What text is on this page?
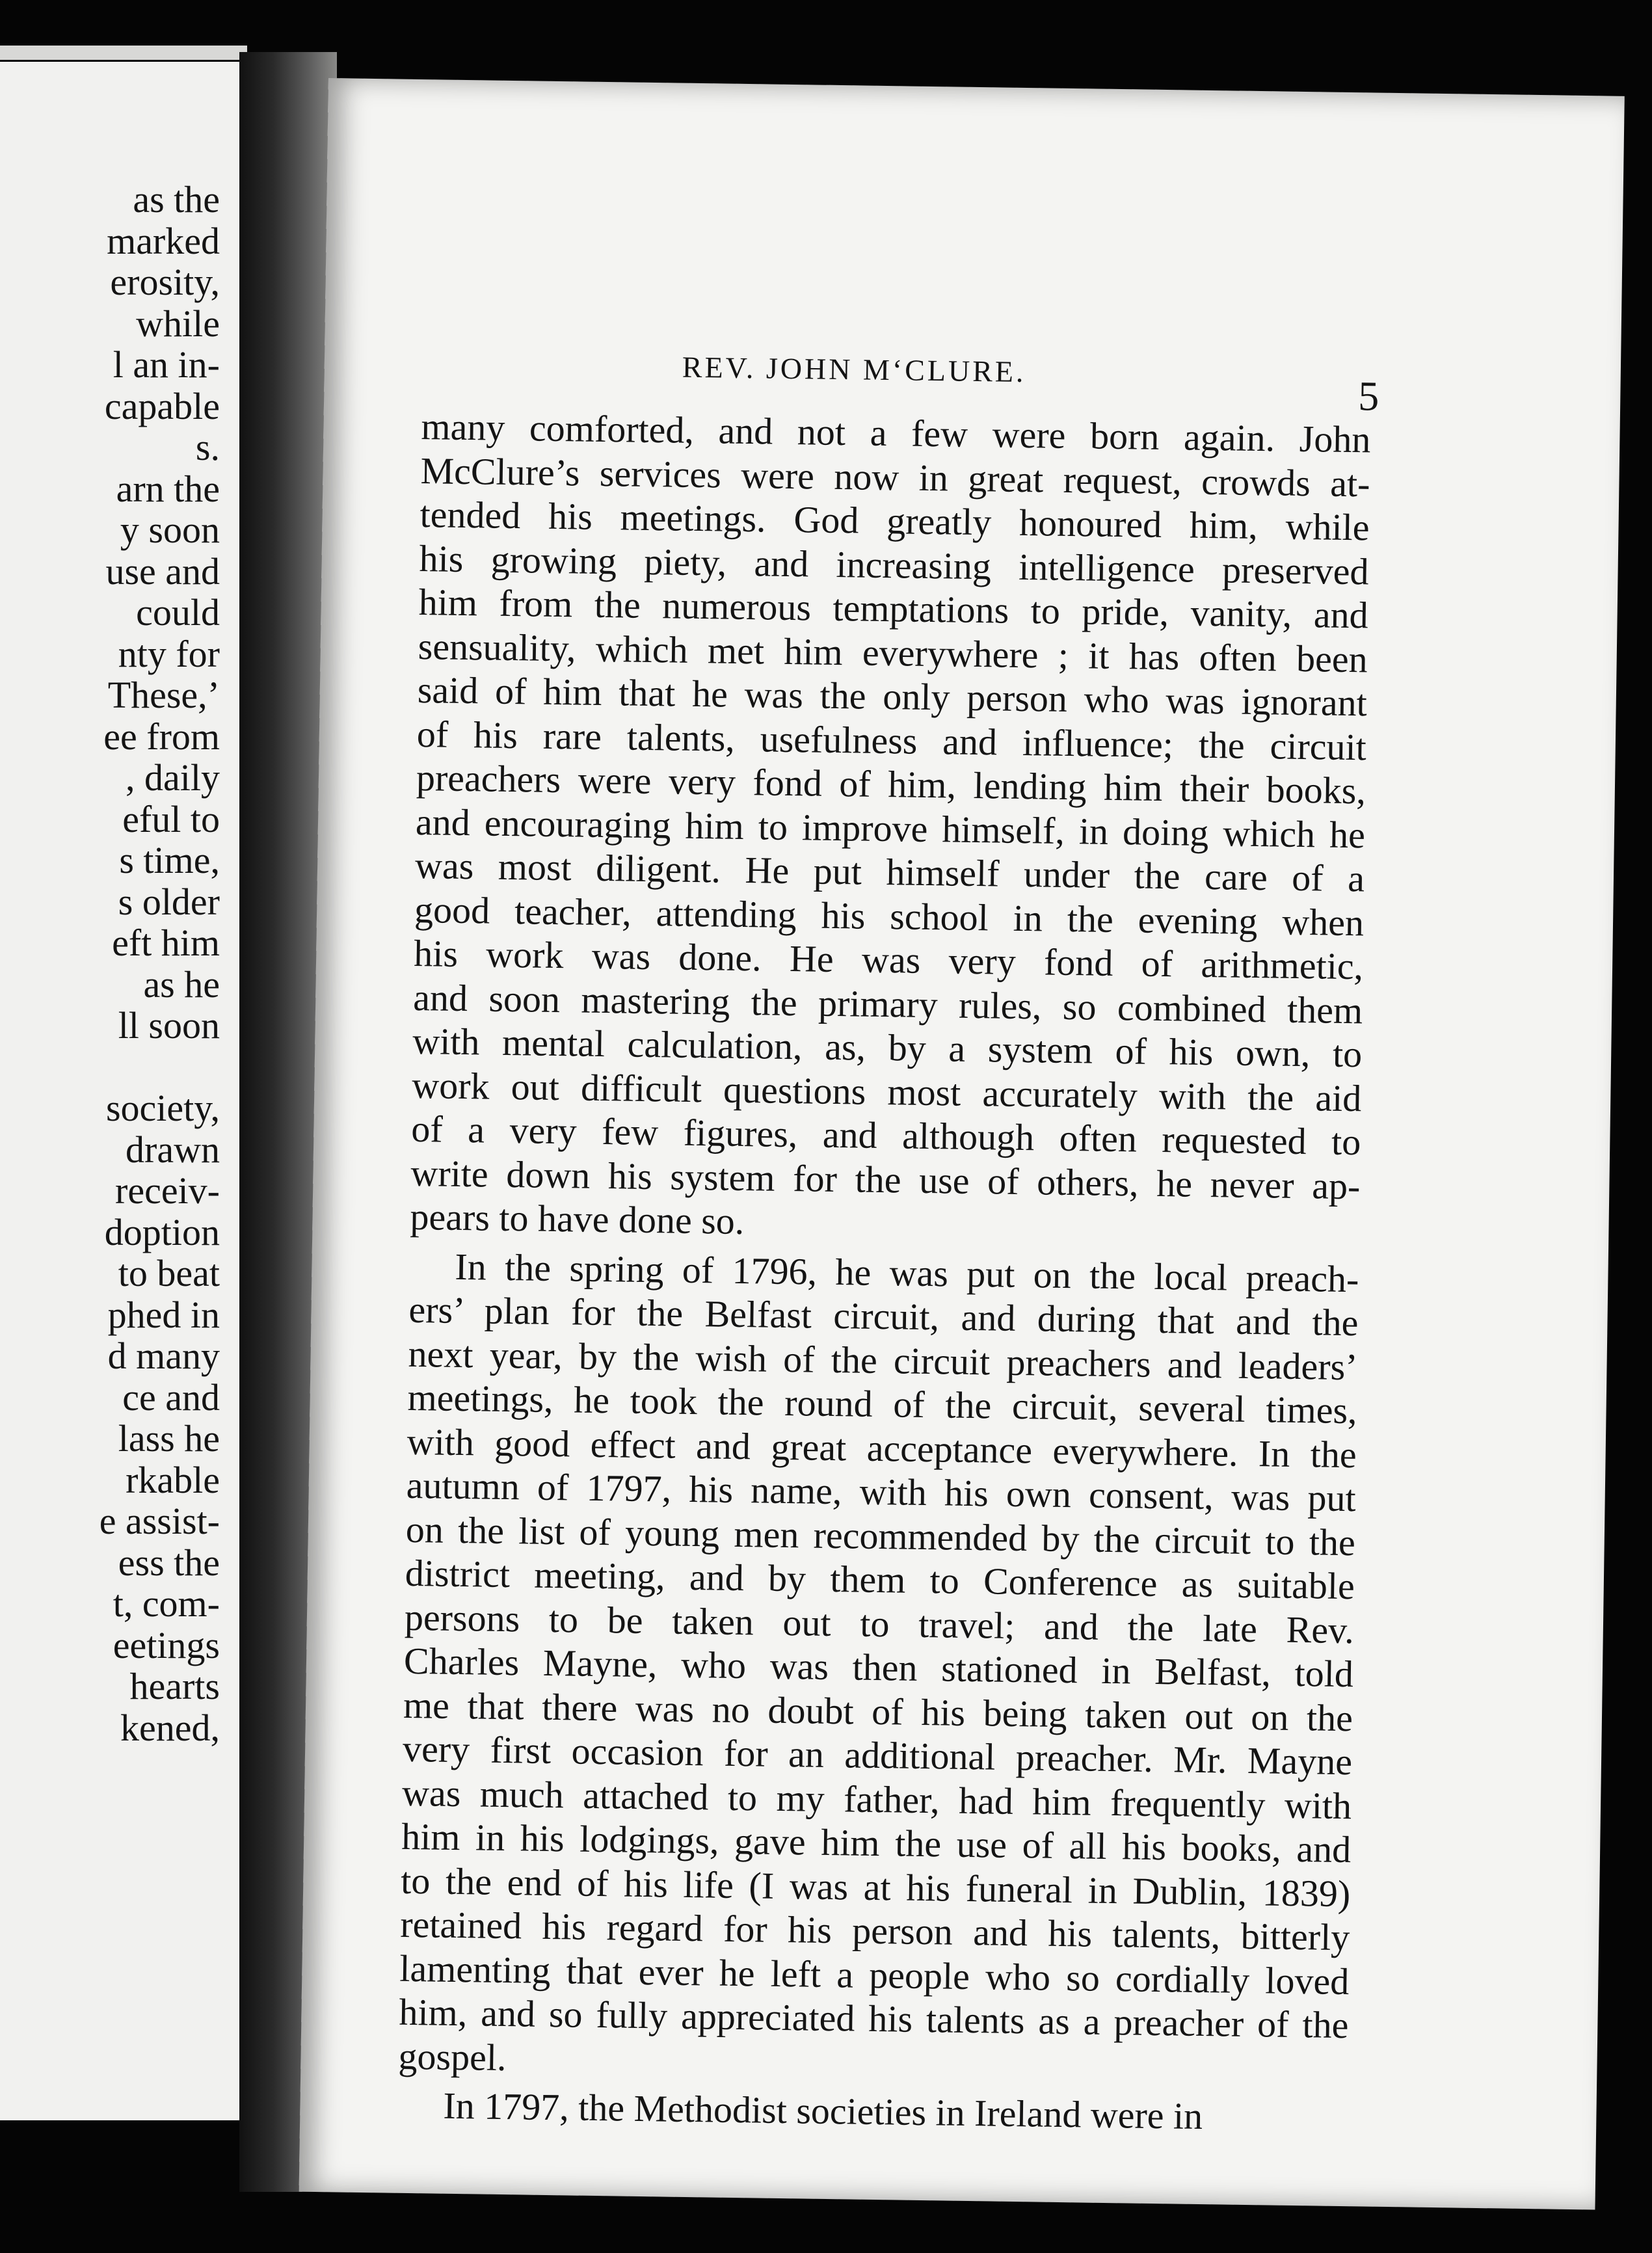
as the
marked
erosity,
while
l an in-
capable
s.
arn the
y soon
use and
could
nty for
These,’
ee from
, daily
eful to
s time,
s older
eft him
as he
ll soon
society,
drawn
receiv-
doption
to beat
phed in
d many
ce and
lass he
rkable
e assist-
ess the
t, com-
eetings
hearts
kened,
REV. JOHN M‘CLURE.
5
many comforted, and not a few were born again. John
McClure’s services were now in great request, crowds at-
tended his meetings. God greatly honoured him, while
his growing piety, and increasing intelligence preserved
him from the numerous temptations to pride, vanity, and
sensuality, which met him everywhere ; it has often been
said of him that he was the only person who was ignorant
of his rare talents, usefulness and influence; the circuit
preachers were very fond of him, lending him their books,
and encouraging him to improve himself, in doing which he
was most diligent. He put himself under the care of a
good teacher, attending his school in the evening when
his work was done. He was very fond of arithmetic,
and soon mastering the primary rules, so combined them
with mental calculation, as, by a system of his own, to
work out difficult questions most accurately with the aid
of a very few figures, and although often requested to
write down his system for the use of others, he never ap-
pears to have done so.
In the spring of 1796, he was put on the local preach-
ers’ plan for the Belfast circuit, and during that and the
next year, by the wish of the circuit preachers and leaders’
meetings, he took the round of the circuit, several times,
with good effect and great acceptance everywhere. In the
autumn of 1797, his name, with his own consent, was put
on the list of young men recommended by the circuit to the
district meeting, and by them to Conference as suitable
persons to be taken out to travel; and the late Rev.
Charles Mayne, who was then stationed in Belfast, told
me that there was no doubt of his being taken out on the
very first occasion for an additional preacher. Mr. Mayne
was much attached to my father, had him frequently with
him in his lodgings, gave him the use of all his books, and
to the end of his life (I was at his funeral in Dublin, 1839)
retained his regard for his person and his talents, bitterly
lamenting that ever he left a people who so cordially loved
him, and so fully appreciated his talents as a preacher of the
gospel.
In 1797, the Methodist societies in Ireland were in
